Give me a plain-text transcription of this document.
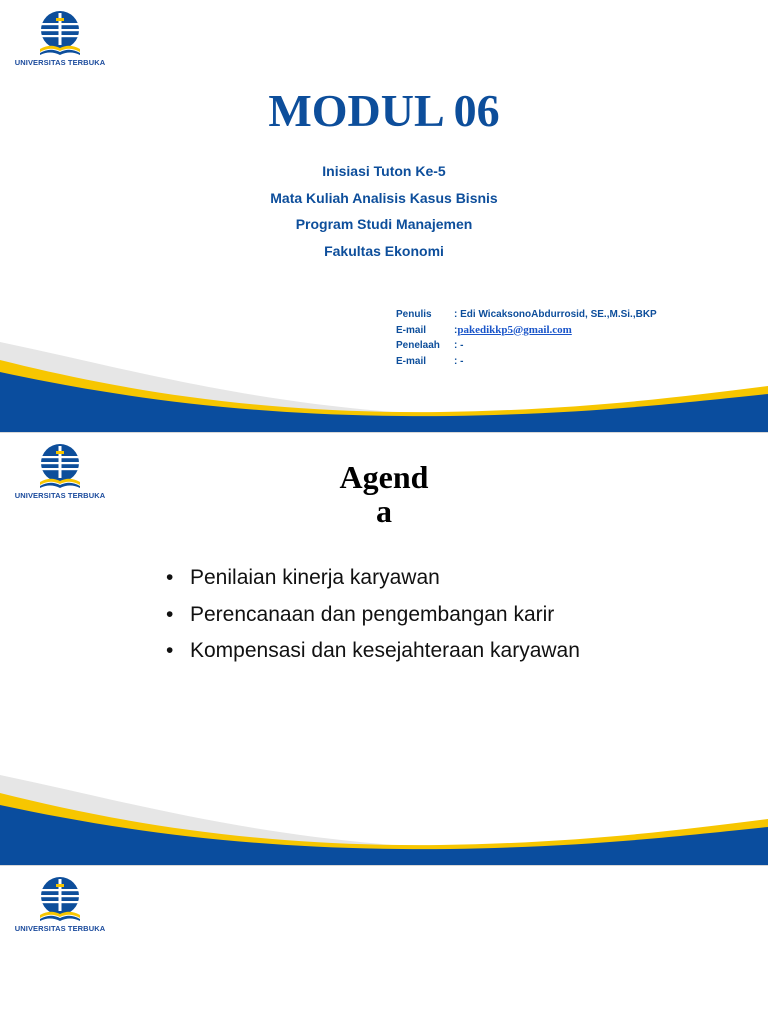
UNIVERSITAS TERBUKA
MODUL 06
Inisiasi Tuton Ke-5
Mata Kuliah Analisis Kasus Bisnis
Program Studi Manajemen
Fakultas Ekonomi
Penulis	: Edi WicaksonoAbdurrosid, SE.,M.Si.,BKP
E-mail	:pakedikkp5@gmail.com
Penelaah	: -
E-mail	: -
UNIVERSITAS TERBUKA
Agend
a
• Penilaian kinerja karyawan
• Perencanaan dan pengembangan karir
• Kompensasi dan kesejahteraan karyawan
UNIVERSITAS TERBUKA
